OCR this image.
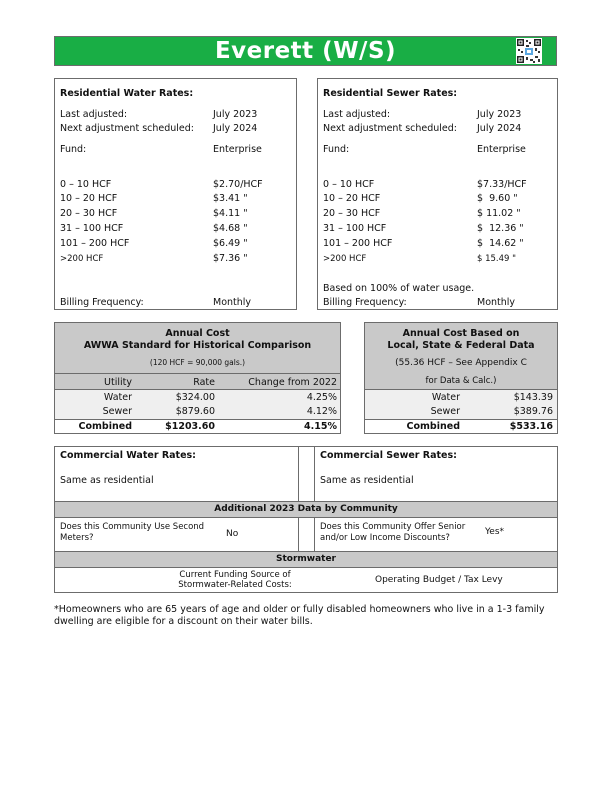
Everett (W/S)
Residential Water Rates:
Last adjusted:	July 2023
Next adjustment scheduled: July 2024
Fund:	Enterprise
0 – 10 HCF	$2.70/HCF
10 – 20 HCF	$3.41 "
20 – 30 HCF	$4.11 "
31 – 100 HCF	$4.68 "
101 – 200 HCF	$6.49 "
>200 HCF	$7.36 "
Billing Frequency:	Monthly
Residential Sewer Rates:
Last adjusted:	July 2023
Next adjustment scheduled: July 2024
Fund:	Enterprise
0 – 10 HCF	$7.33/HCF
10 – 20 HCF	$  9.60 "
20 – 30 HCF	$ 11.02 "
31 – 100 HCF	$  12.36 "
101 – 200 HCF	$  14.62 "
>200 HCF	$ 15.49 "
Based on 100% of water usage.
Billing Frequency:	Monthly
Annual Cost
AWWA Standard for Historical Comparison
(120 HCF = 90,000 gals.)
Utility	Rate	Change from 2022
Water	$324.00	4.25%
Sewer	$879.60	4.12%
Combined	$1203.60	4.15%
Annual Cost Based on
Local, State & Federal Data
(55.36 HCF – See Appendix C
for Data & Calc.)
Water	$143.39
Sewer	$389.76
Combined	$533.16
Commercial Water Rates:
Same as residential
Commercial Sewer Rates:
Same as residential
Additional 2023 Data by Community
Does this Community Use Second Meters?	No
Does this Community Offer Senior and/or Low Income Discounts?
Yes*
Stormwater
Current Funding Source of Stormwater-Related Costs:	Operating Budget / Tax Levy
*Homeowners who are 65 years of age and older or fully disabled homeowners who live in a 1-3 family dwelling are eligible for a discount on their water bills.
